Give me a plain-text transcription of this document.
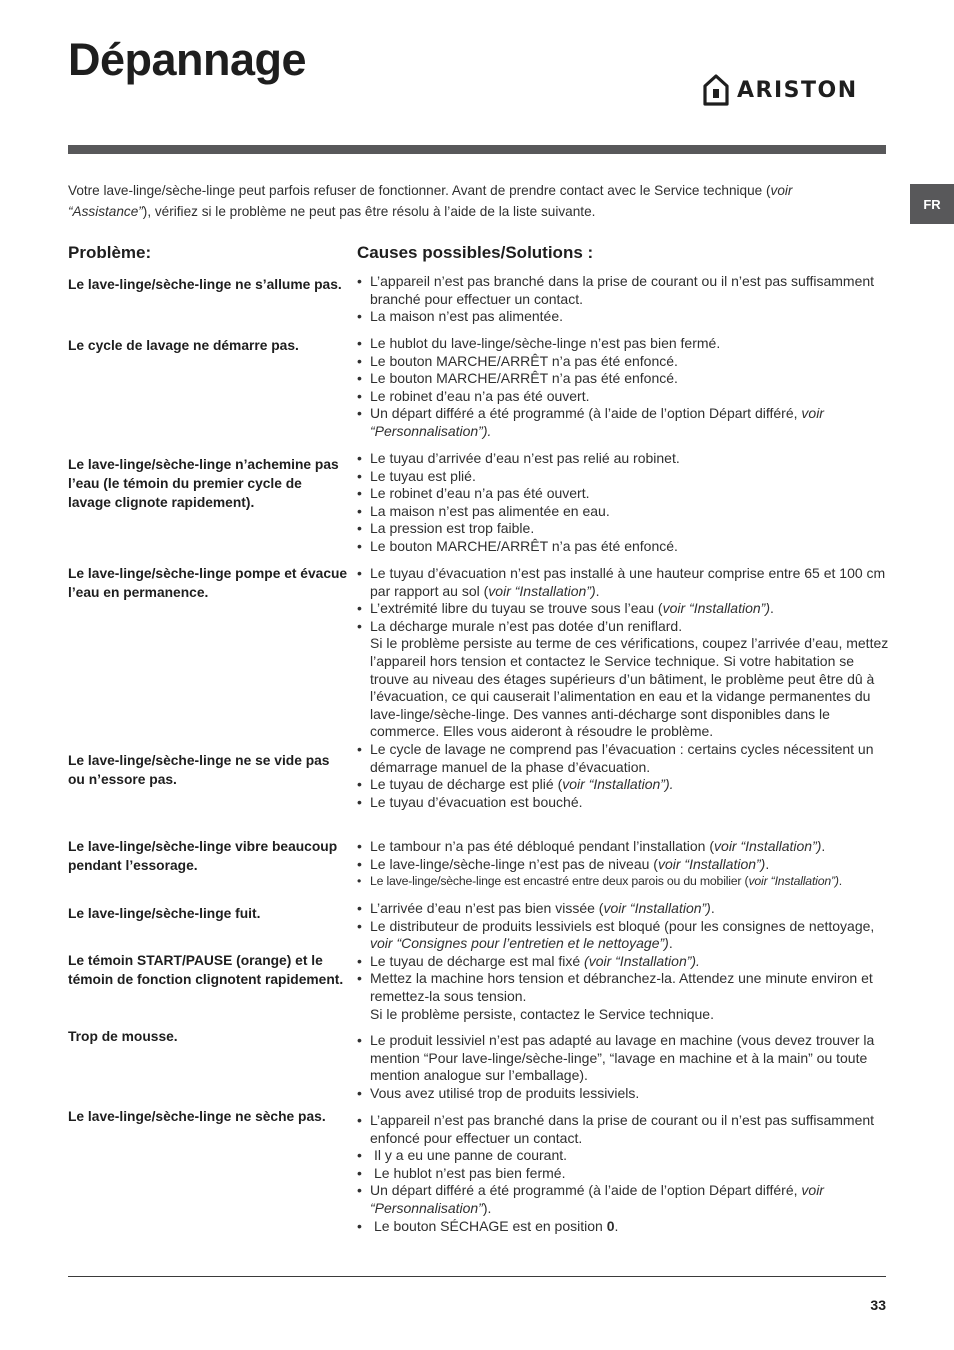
Dépannage
ARISTON
FR

Votre lave-linge/sèche-linge peut parfois refuser de fonctionner. Avant de prendre contact avec le Service technique (voir “Assistance”), vérifiez si le problème ne peut pas être résolu à l’aide de la liste suivante.

Problème:	Causes possibles/Solutions :

Le lave-linge/sèche-linge ne s’allume pas.

Le cycle de lavage ne démarre pas.

Le lave-linge/sèche-linge n’achemine pas l’eau (le témoin du premier cycle de lavage clignote rapidement).

Le lave-linge/sèche-linge pompe et évacue l’eau en permanence.

Le lave-linge/sèche-linge ne se vide pas ou n’essore pas.

Le lave-linge/sèche-linge vibre beaucoup pendant l’essorage.

Le lave-linge/sèche-linge fuit.

Le témoin START/PAUSE (orange) et le témoin de fonction clignotent rapidement.

Trop de mousse.

Le lave-linge/sèche-linge ne sèche pas.

• L’appareil n’est pas branché dans la prise de courant ou il n’est pas suffisamment branché pour effectuer un contact.
• La maison n’est pas alimentée.
• Le hublot du lave-linge/sèche-linge n’est pas bien fermé.
• Le bouton MARCHE/ARRÊT n’a pas été enfoncé.
• Le bouton MARCHE/ARRÊT n’a pas été enfoncé.
• Le robinet d’eau n’a pas été ouvert.
• Un départ différé a été programmé (à l’aide de l’option Départ différé, voir “Personnalisation”).
• Le tuyau d’arrivée d’eau n’est pas relié au robinet.
• Le tuyau est plié.
• Le robinet d’eau n’a pas été ouvert.
• La maison n’est pas alimentée en eau.
• La pression est trop faible.
• Le bouton MARCHE/ARRÊT n’a pas été enfoncé.
• Le tuyau d’évacuation n’est pas installé à une hauteur comprise entre 65 et 100 cm par rapport au sol (voir “Installation”).
• L’extrémité libre du tuyau se trouve sous l’eau (voir “Installation”).
• La décharge murale n’est pas dotée d’un reniflard.
Si le problème persiste au terme de ces vérifications, coupez l’arrivée d’eau, mettez l’appareil hors tension et contactez le Service technique. Si votre habitation se trouve au niveau des étages supérieurs d’un bâtiment, le problème peut être dû à l’évacuation, ce qui causerait l’alimentation en eau et la vidange permanentes du lave-linge/sèche-linge. Des vannes anti-décharge sont disponibles dans le commerce. Elles vous aideront à résoudre le problème.
• Le cycle de lavage ne comprend pas l’évacuation : certains cycles nécessitent un démarrage manuel de la phase d’évacuation.
• Le tuyau de décharge est plié (voir “Installation”).
• Le tuyau d’évacuation est bouché.
• Le tambour n’a pas été débloqué pendant l’installation (voir “Installation”).
• Le lave-linge/sèche-linge n’est pas de niveau (voir “Installation”).
• Le lave-linge/sèche-linge est encastré entre deux parois ou du mobilier (voir “Installation”).
• L’arrivée d’eau n’est pas bien vissée (voir “Installation”).
• Le distributeur de produits lessiviels est bloqué (pour les consignes de nettoyage, voir “Consignes pour l’entretien et le nettoyage”).
• Le tuyau de décharge est mal fixé (voir “Installation”).
• Mettez la machine hors tension et débranchez-la. Attendez une minute environ et remettez-la sous tension.
Si le problème persiste, contactez le Service technique.
• Le produit lessiviel n’est pas adapté au lavage en machine (vous devez trouver la mention “Pour lave-linge/sèche-linge”, “lavage en machine et à la main” ou toute mention analogue sur l’emballage).
• Vous avez utilisé trop de produits lessiviels.
• L’appareil n’est pas branché dans la prise de courant ou il n’est pas suffisamment enfoncé pour effectuer un contact.
• Il y a eu une panne de courant.
• Le hublot n’est pas bien fermé.
• Un départ différé a été programmé (à l’aide de l’option Départ différé, voir “Personnalisation”).
• Le bouton SÉCHAGE est en position 0.

33
